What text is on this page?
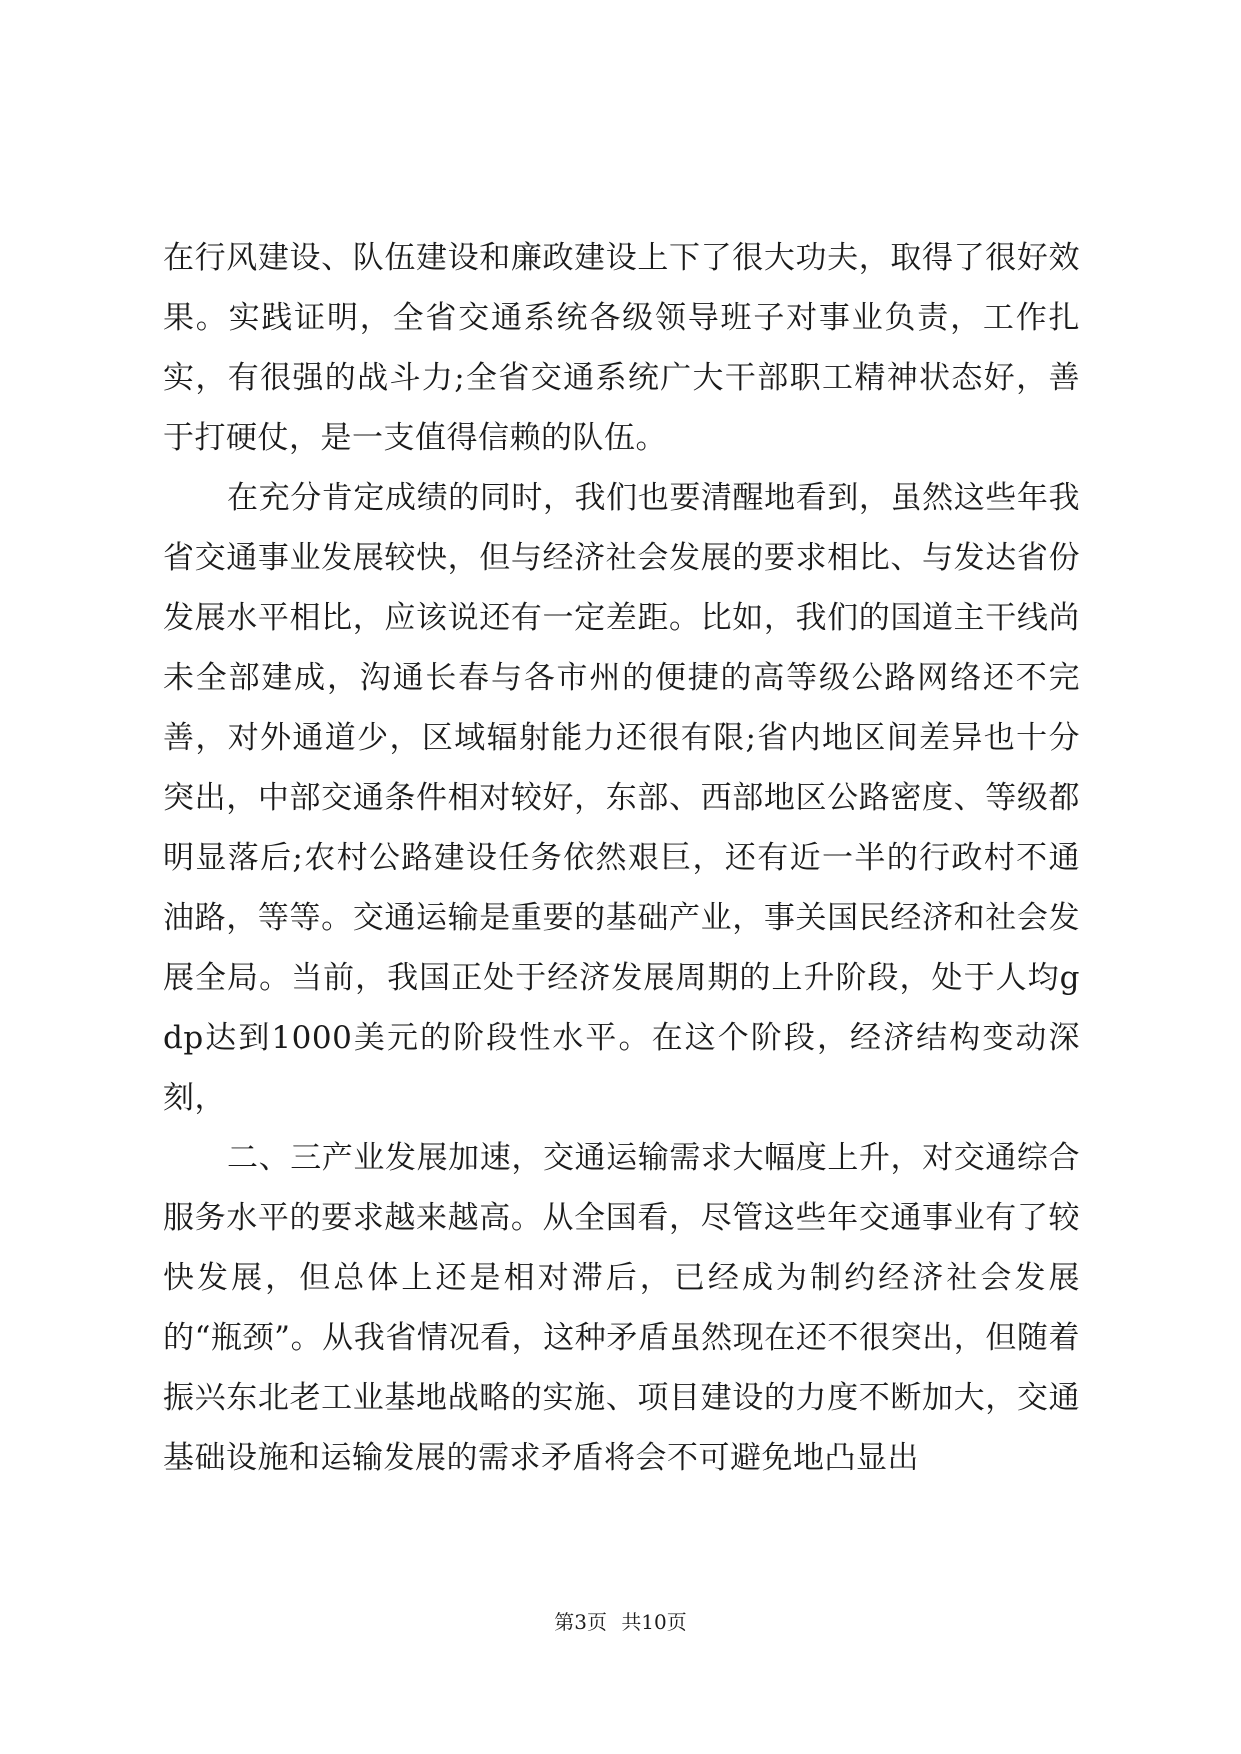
在行风建设、队伍建设和廉政建设上下了很大功夫，取得了很好效果。实践证明，全省交通系统各级领导班子对事业负责，工作扎实，有很强的战斗力;全省交通系统广大干部职工精神状态好，善于打硬仗，是一支值得信赖的队伍。

在充分肯定成绩的同时，我们也要清醒地看到，虽然这些年我省交通事业发展较快，但与经济社会发展的要求相比、与发达省份发展水平相比，应该说还有一定差距。比如，我们的国道主干线尚未全部建成，沟通长春与各市州的便捷的高等级公路网络还不完善，对外通道少，区域辐射能力还很有限;省内地区间差异也十分突出，中部交通条件相对较好，东部、西部地区公路密度、等级都明显落后;农村公路建设任务依然艰巨，还有近一半的行政村不通油路，等等。交通运输是重要的基础产业，事关国民经济和社会发展全局。当前，我国正处于经济发展周期的上升阶段，处于人均gdp达到1000美元的阶段性水平。在这个阶段，经济结构变动深刻，

二、三产业发展加速，交通运输需求大幅度上升，对交通综合服务水平的要求越来越高。从全国看，尽管这些年交通事业有了较快发展，但总体上还是相对滞后，已经成为制约经济社会发展的“瓶颈”。从我省情况看，这种矛盾虽然现在还不很突出，但随着振兴东北老工业基地战略的实施、项目建设的力度不断加大，交通基础设施和运输发展的需求矛盾将会不可避免地凸显出

第3页 共10页
